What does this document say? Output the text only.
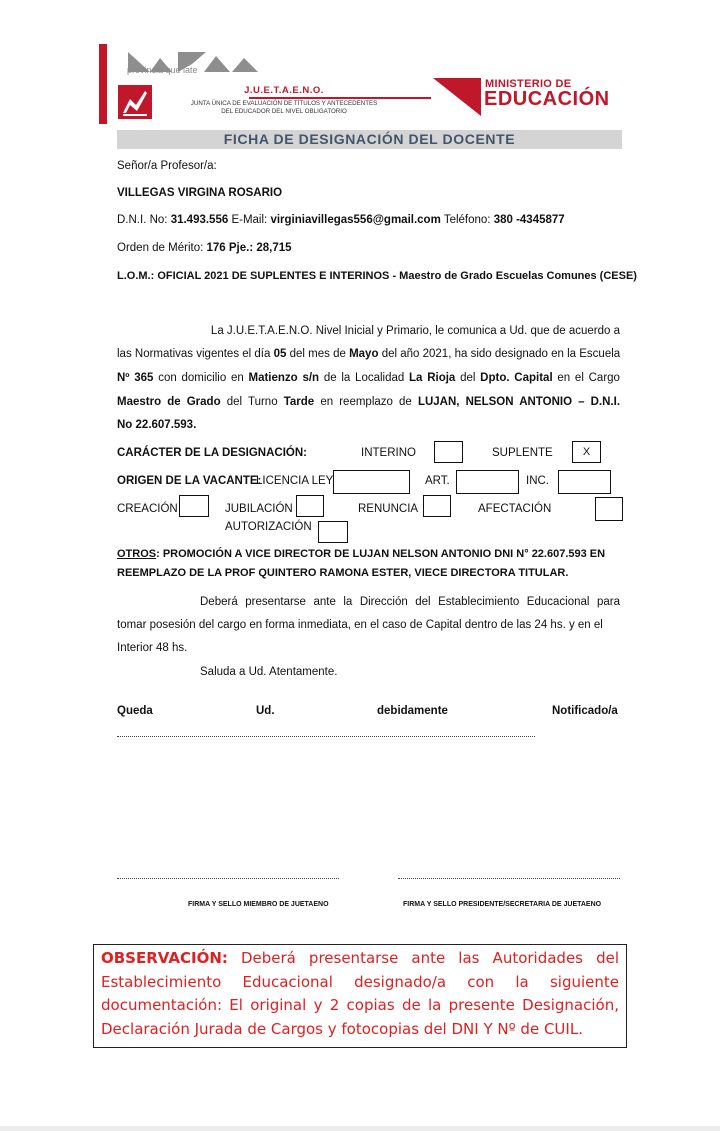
provincia que late
J.U.E.T.A.E.N.O.
JUNTA ÚNICA DE EVALUACIÓN DE TÍTULOS Y ANTECEDENTES
DEL EDUCADOR DEL NIVEL OBLIGATORIO
MINISTERIO DE
EDUCACIÓN
FICHA DE DESIGNACIÓN DEL DOCENTE
Señor/a Profesor/a:
VILLEGAS VIRGINA ROSARIO
D.N.I. No: 31.493.556 E-Mail: virginiavillegas556@gmail.com Teléfono: 380 -4345877
Orden de Mérito: 176 Pje.: 28,715
L.O.M.: OFICIAL 2021 DE SUPLENTES E INTERINOS - Maestro de Grado Escuelas Comunes (CESE)
La J.U.E.T.A.E.N.O. Nivel Inicial y Primario, le comunica a Ud. que de acuerdo a
las Normativas vigentes el día 05 del mes de Mayo del año 2021, ha sido designado en la Escuela
Nº 365 con domicilio en Matienzo s/n de la Localidad La Rioja del Dpto. Capital en el Cargo
Maestro de Grado del Turno Tarde en reemplazo de LUJAN, NELSON ANTONIO – D.N.I.
No 22.607.593.
CARÁCTER DE LA DESIGNACIÓN:	INTERINO	SUPLENTE	X
ORIGEN DE LA VACANTE:
LICENCIA LEY	ART.	INC.
CREACIÓN	JUBILACIÓN	RENUNCIA	AFECTACIÓN
AUTORIZACIÓN
OTROS: PROMOCIÓN A VICE DIRECTOR DE LUJAN NELSON ANTONIO DNI N° 22.607.593 EN
REEMPLAZO DE LA PROF QUINTERO RAMONA ESTER, VIECE DIRECTORA TITULAR.
Deberá presentarse ante la Dirección del Establecimiento Educacional para
tomar posesión del cargo en forma inmediata, en el caso de Capital dentro de las 24 hs. y en el
Interior 48 hs.
Saluda a Ud. Atentamente.
Queda	Ud.	debidamente	Notificado/a
FIRMA Y SELLO MIEMBRO DE JUETAENO	FIRMA Y SELLO PRESIDENTE/SECRETARIA DE JUETAENO
OBSERVACIÓN: Deberá presentarse ante las Autoridades del Establecimiento Educacional designado/a con la siguiente documentación: El original y 2 copias de la presente Designación, Declaración Jurada de Cargos y fotocopias del DNI Y Nº de CUIL.
